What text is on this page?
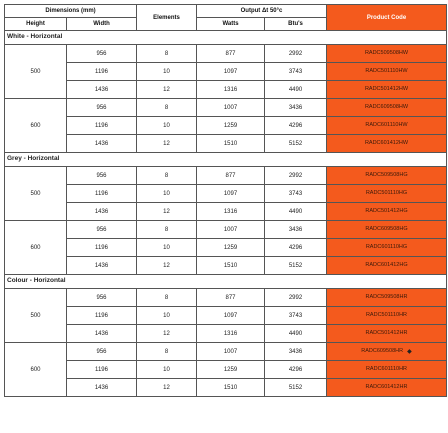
Dimensions (mm)		Elements	Output Δt 50°c		Product Code
Height	Width		Watts	Btu's	
White - Horizontal					
500	956	8	877	2992	RADC509508HW

	1196	10	1097	3743	RADC501110HW

	1436	12	1316	4490	RADC501412HW

600	956	8	1007	3436	RADC609508HW

	1196	10	1259	4296	RADC601110HW

	1436	12	1510	5152	RADC601412HW

Grey - Horizontal					
500	956	8	877	2992	RADC509508HG

	1196	10	1097	3743	RADC501110HG

	1436	12	1316	4490	RADC501412HG

600	956	8	1007	3436	RADC609508HG

	1196	10	1259	4296	RADC601110HG

	1436	12	1510	5152	RADC601412HG

Colour - Horizontal					
500	956	8	877	2992	RADC509508HR

	1196	10	1097	3743	RADC501110HR

	1436	12	1316	4490	RADC501412HR

600	956	8	1007	3436	RADC609508HR ◆

	1196	10	1259	4296	RADC601110HR

	1436	12	1510	5152	RADC601412HR
